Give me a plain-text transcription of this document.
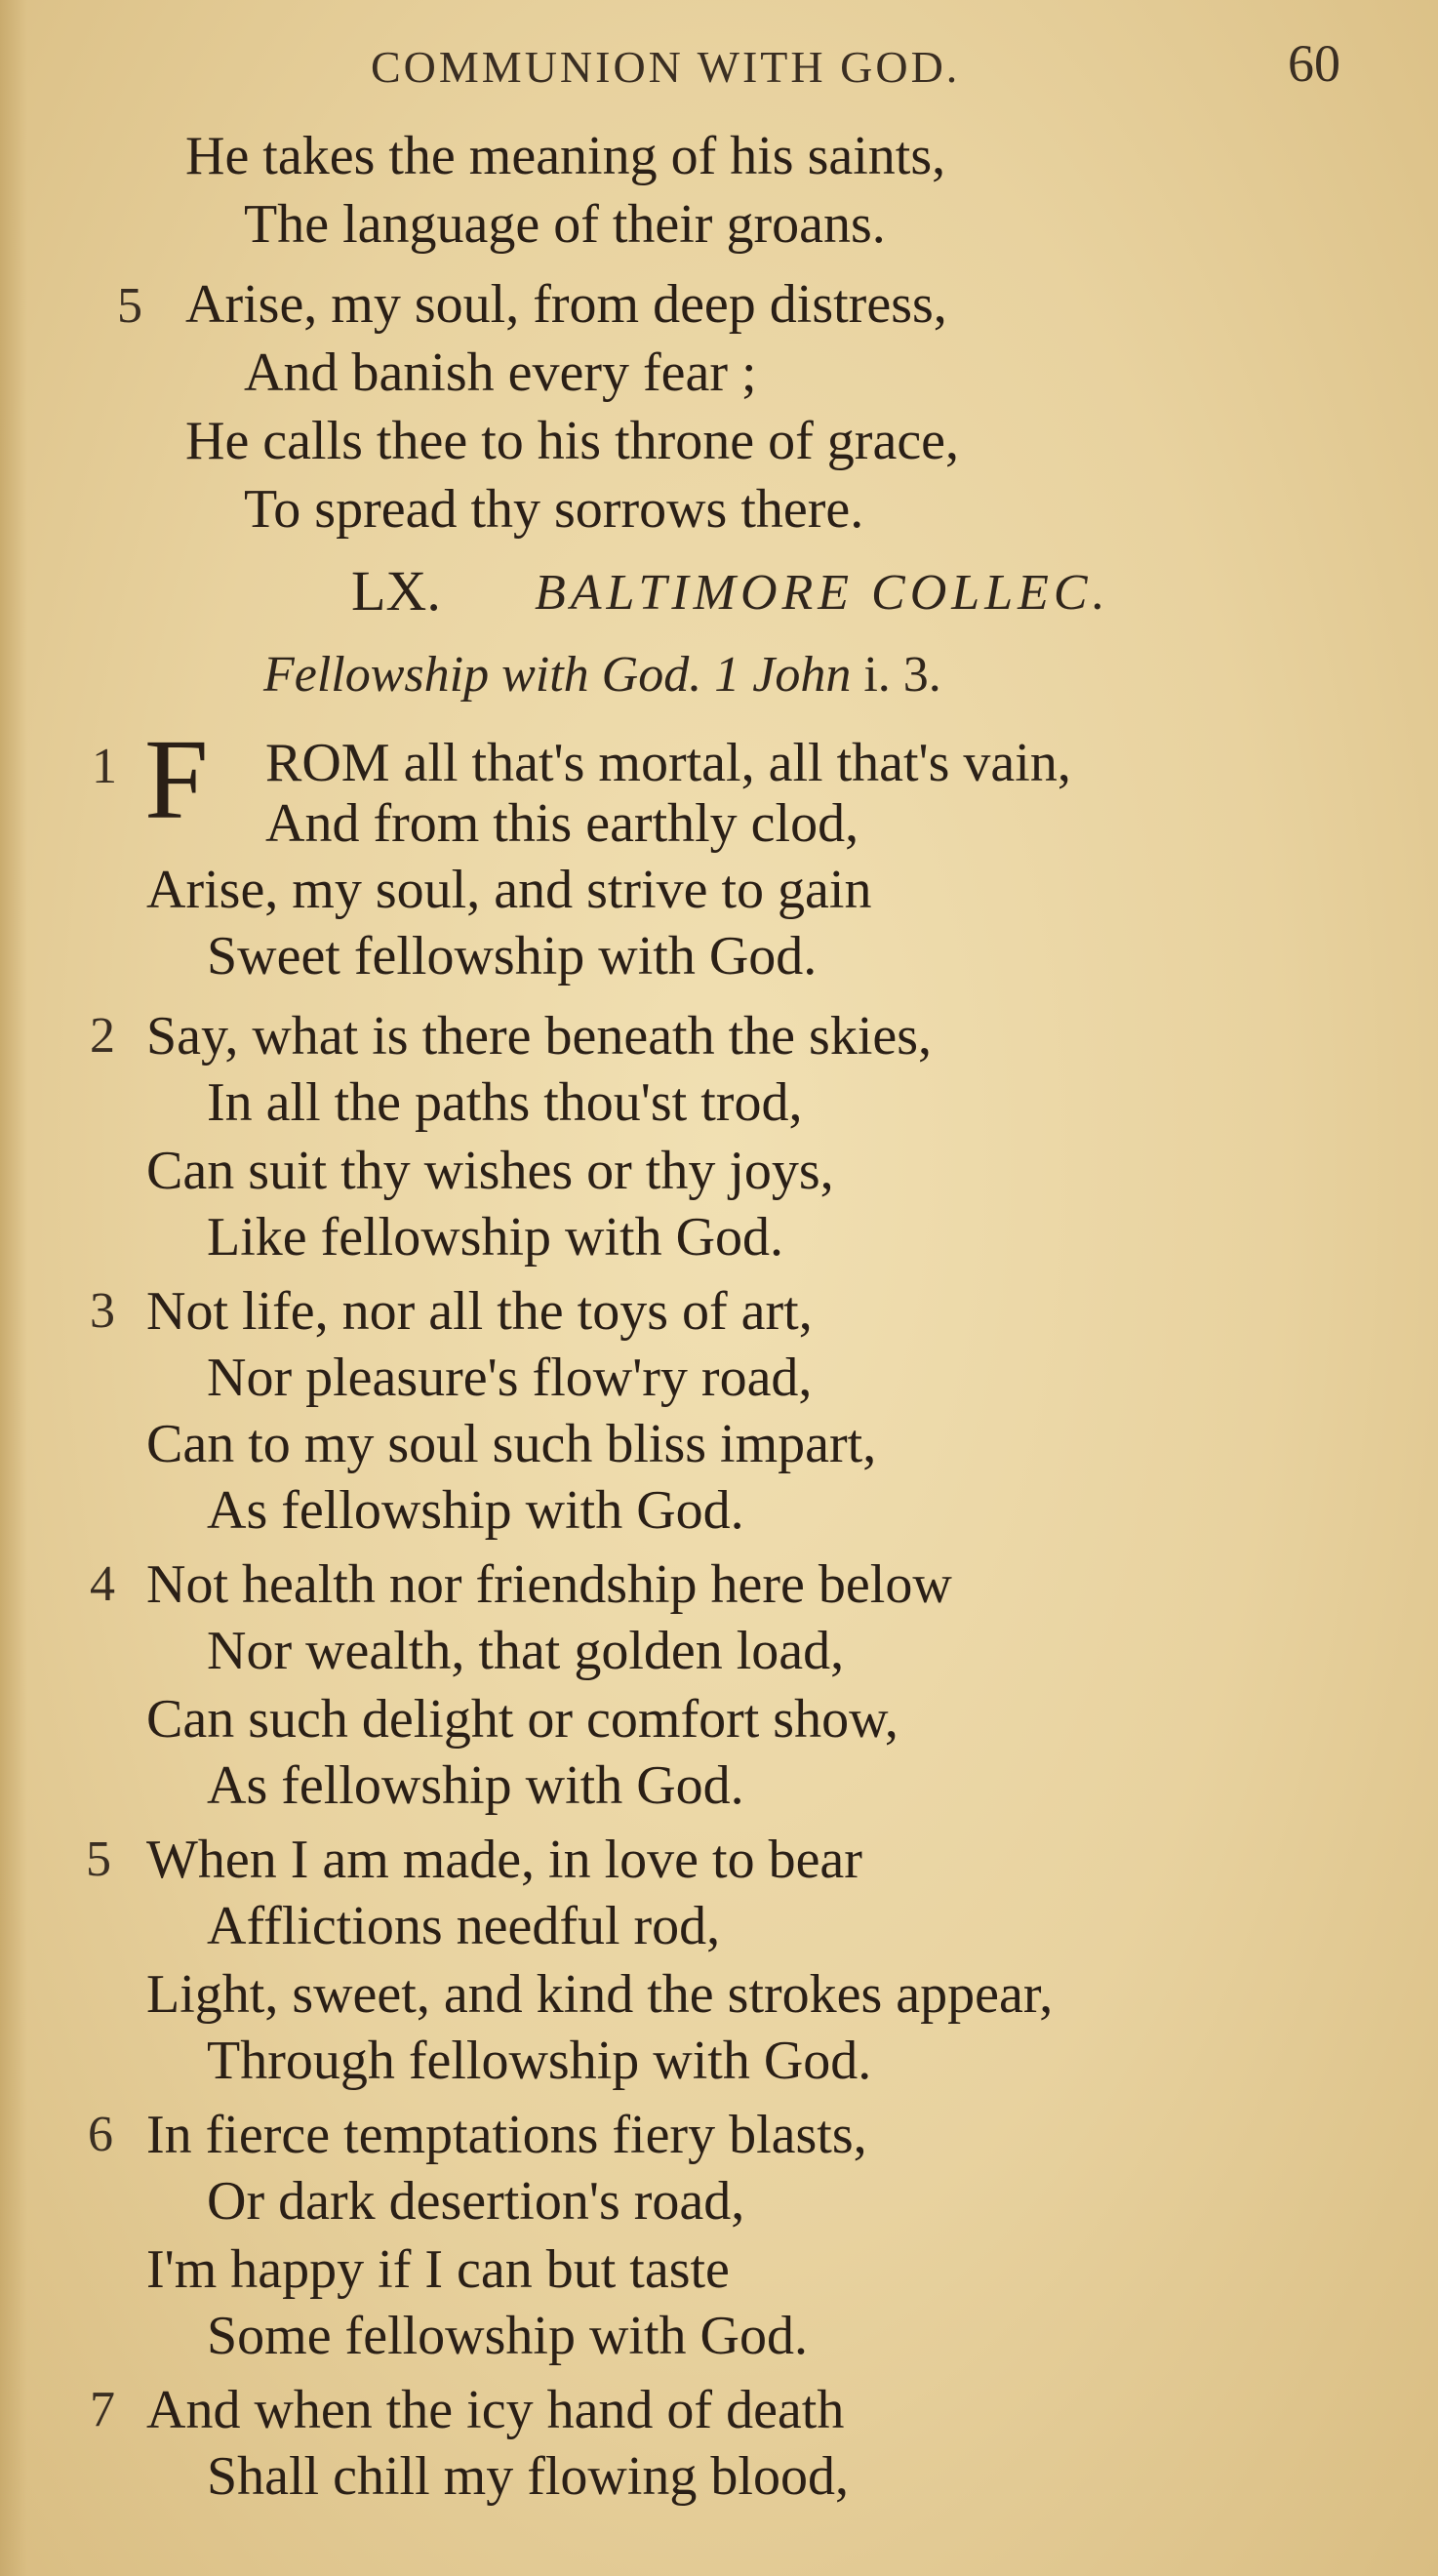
COMMUNION WITH GOD.	60
He takes the meaning of his saints,
The language of their groans.
5 Arise, my soul, from deep distress,
And banish every fear ;
He calls thee to his throne of grace,
To spread thy sorrows there.
LX. BALTIMORE COLLEC.
Fellowship with God. 1 John i. 3.
1 F ROM all that's mortal, all that's vain,
And from this earthly clod,
Arise, my soul, and strive to gain
Sweet fellowship with God.
2 Say, what is there beneath the skies,
In all the paths thou'st trod,
Can suit thy wishes or thy joys,
Like fellowship with God.
3 Not life, nor all the toys of art,
Nor pleasure's flow'ry road,
Can to my soul such bliss impart,
As fellowship with God.
4 Not health nor friendship here below
Nor wealth, that golden load,
Can such delight or comfort show,
As fellowship with God.
5 When I am made, in love to bear
Afflictions needful rod,
Light, sweet, and kind the strokes appear,
Through fellowship with God.
6 In fierce temptations fiery blasts,
Or dark desertion's road,
I'm happy if I can but taste
Some fellowship with God.
7 And when the icy hand of death
Shall chill my flowing blood,
